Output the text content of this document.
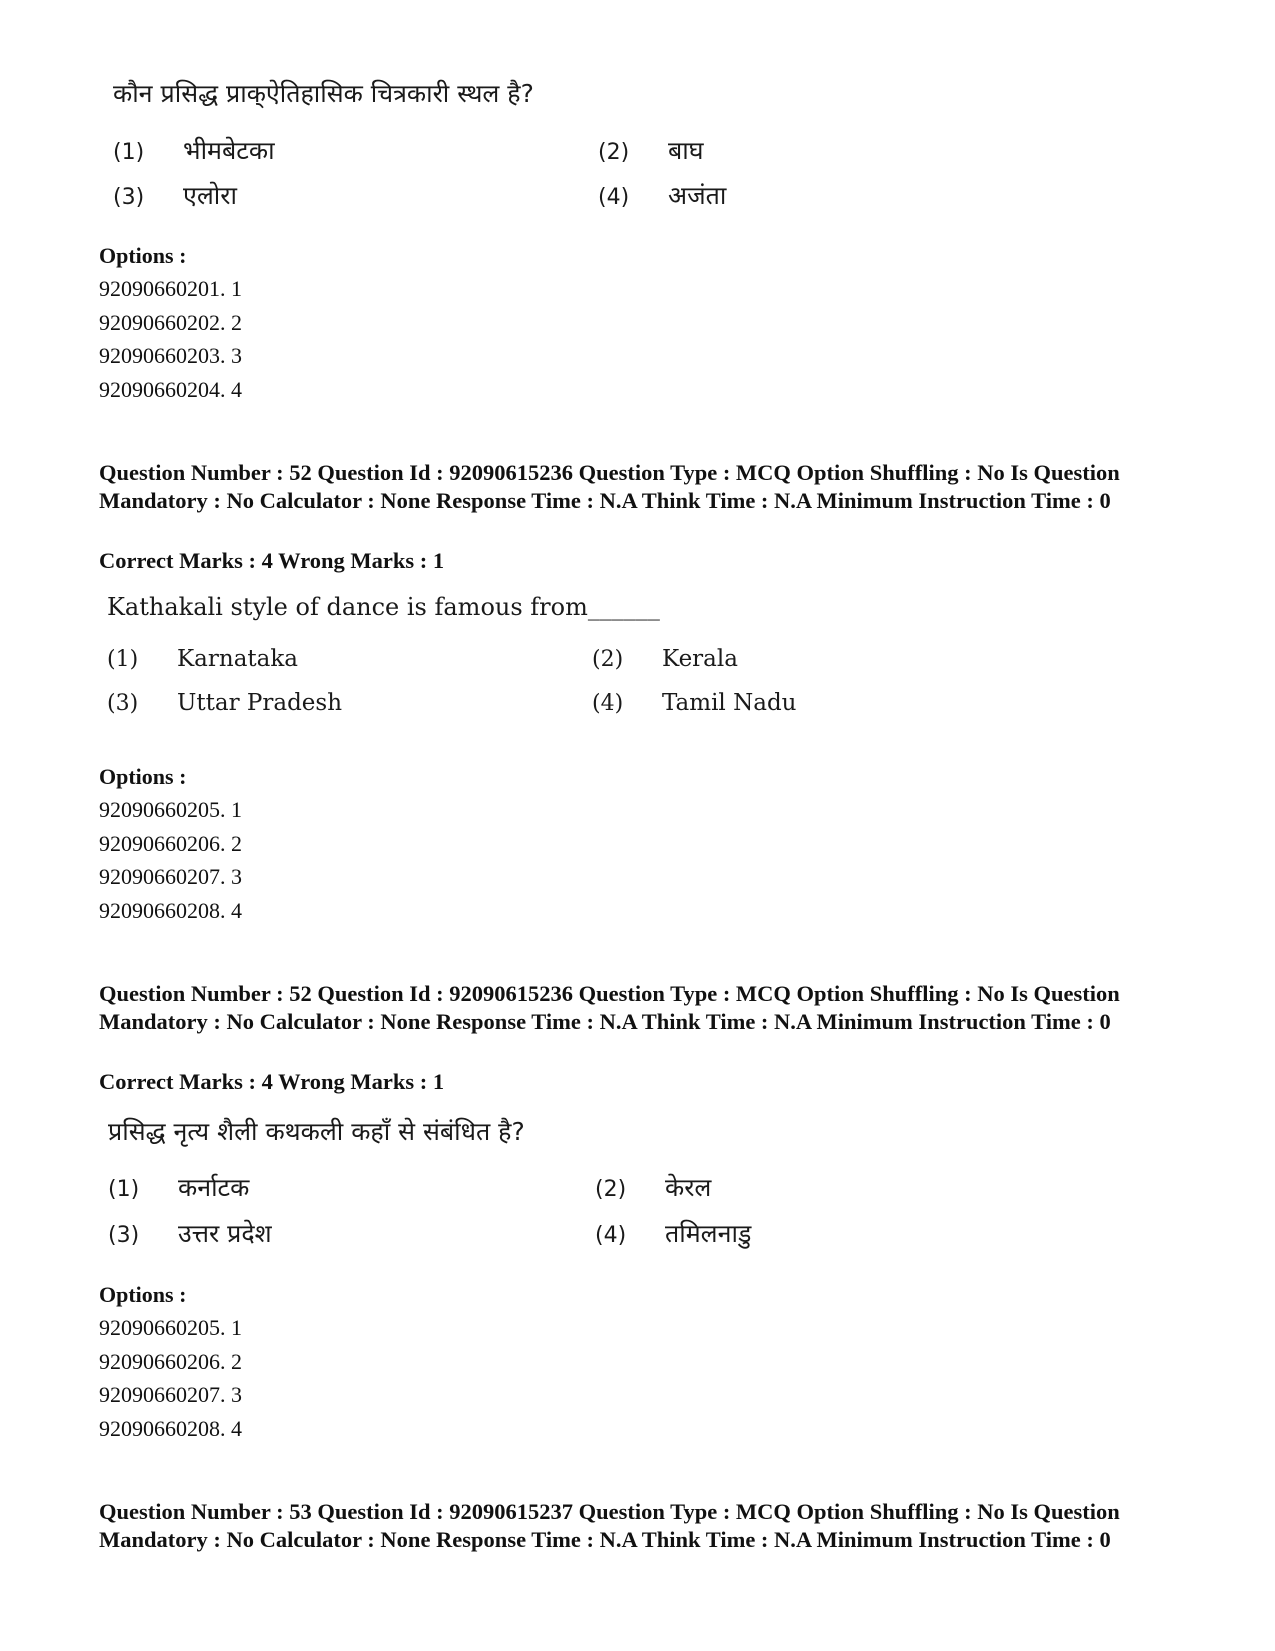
कौन प्रसिद्ध प्राक्ऐतिहासिक चित्रकारी स्थल है?
(1) भीमबेटका	(2) बाघ
(3) एलोरा	(4) अजंता
Options :
92090660201. 1
92090660202. 2
92090660203. 3
92090660204. 4
Question Number : 52 Question Id : 92090615236 Question Type : MCQ Option Shuffling : No Is Question Mandatory : No Calculator : None Response Time : N.A Think Time : N.A Minimum Instruction Time : 0
Correct Marks : 4 Wrong Marks : 1
Kathakali style of dance is famous from______
(1) Karnataka	(2) Kerala
(3) Uttar Pradesh	(4) Tamil Nadu
Options :
92090660205. 1
92090660206. 2
92090660207. 3
92090660208. 4
Question Number : 52 Question Id : 92090615236 Question Type : MCQ Option Shuffling : No Is Question Mandatory : No Calculator : None Response Time : N.A Think Time : N.A Minimum Instruction Time : 0
Correct Marks : 4 Wrong Marks : 1
प्रसिद्ध नृत्य शैली कथकली कहाँ से संबंधित है?
(1) कर्नाटक	(2) केरल
(3) उत्तर प्रदेश	(4) तमिलनाडु
Options :
92090660205. 1
92090660206. 2
92090660207. 3
92090660208. 4
Question Number : 53 Question Id : 92090615237 Question Type : MCQ Option Shuffling : No Is Question Mandatory : No Calculator : None Response Time : N.A Think Time : N.A Minimum Instruction Time : 0
